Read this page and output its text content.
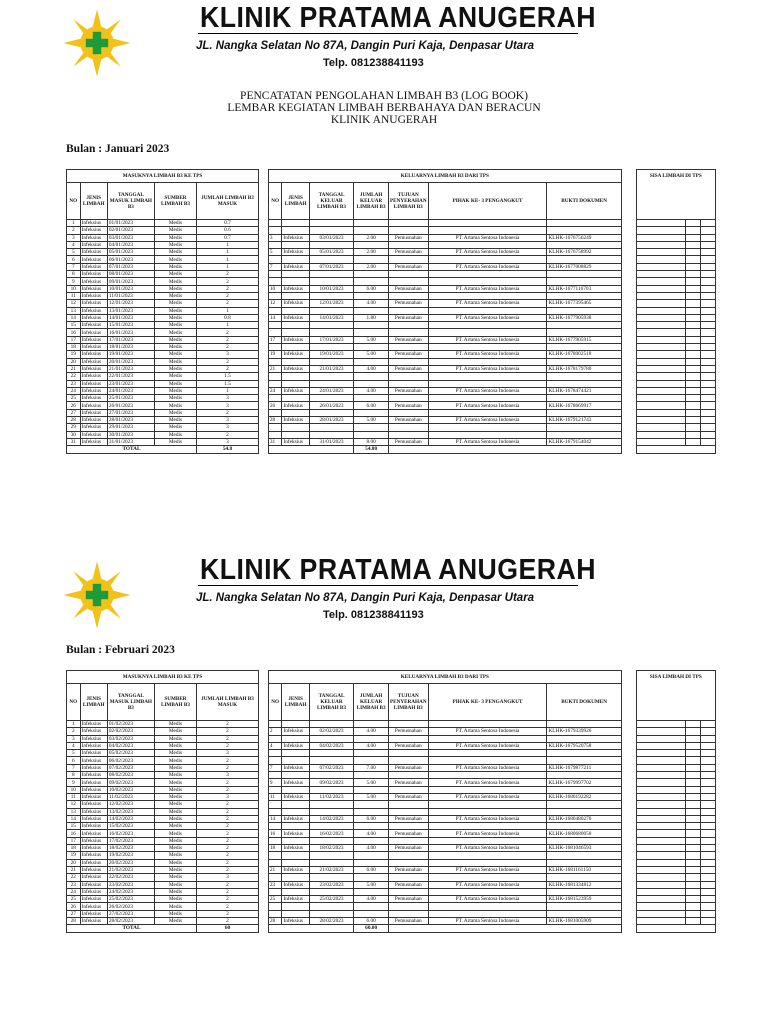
KLINIK PRATAMA ANUGERAH
JL. Nangka Selatan No 87A, Dangin Puri Kaja, Denpasar Utara
Telp. 081238841193
PENCATATAN PENGOLAHAN LIMBAH B3 (LOG BOOK)
LEMBAR KEGIATAN LIMBAH BERBAHAYA DAN BERACUN
KLINIK ANUGERAH
Bulan : Januari 2023
MASUKNYA LIMBAH B3 KE TPS						KELUARNYA LIMBAH B3 DARI TPS								SISA LIMBAH DI TPS		
NO	JENIS LIMBAH	TANGGAL MASUK LIMBAH B3	SUMBER LIMBAH B3	JUMLAH LIMBAH B3 MASUK		NO	JENIS LIMBAH	TANGGAL KELUAR LIMBAH B3	JUMLAH KELUAR LIMBAH B3	TUJUAN PENYERAHAN LIMBAH B3	PIHAK KE- 3 PENGANGKUT	BUKTI DOKUMEN				
1	Infeksius	01/01/2023	Medis	0.7												
2	Infeksius	02/01/2023	Medis	0.6												
3	Infeksius	03/01/2023	Medis	0.7		3	Infeksius	03/01/2023	2.00	Pemusnahan	PT. Artama Sentosa Indonesia	KLHK-1676756249				
4	Infeksius	04/01/2023	Medis	1												
5	Infeksius	05/01/2023	Medis	1		5	Infeksius	05/01/2023	2.00	Pemusnahan	PT. Artama Sentosa Indonesia	KLHK-1676758992				
6	Infeksius	06/01/2023	Medis	1												
7	Infeksius	07/01/2023	Medis	1		7	Infeksius	07/01/2023	2.00	Pemusnahan	PT. Artama Sentosa Indonesia	KLHK-1677008829				
8	Infeksius	08/01/2023	Medis	2												
9	Infeksius	09/01/2023	Medis	2												
10	Infeksius	10/01/2023	Medis	2		10	Infeksius	10/01/2023	6.00	Pemusnahan	PT. Artama Sentosa Indonesia	KLHK-1677116703				
11	Infeksius	11/01/2023	Medis	2												
12	Infeksius	12/01/2023	Medis	2		12	Infeksius	12/01/2023	4.00	Pemusnahan	PT. Artama Sentosa Indonesia	KLHK-1677395465				
13	Infeksius	13/01/2023	Medis	1												
14	Infeksius	14/01/2023	Medis	0.8		14	Infeksius	14/01/2023	1.80	Pemusnahan	PT. Artama Sentosa Indonesia	KLHK-1677905938				
15	Infeksius	15/01/2023	Medis	1												
16	Infeksius	16/01/2023	Medis	2												
17	Infeksius	17/01/2023	Medis	2		17	Infeksius	17/01/2023	5.00	Pemusnahan	PT. Artama Sentosa Indonesia	KLHK-1677905915				
18	Infeksius	18/01/2023	Medis	2												
19	Infeksius	19/01/2023	Medis	3		19	Infeksius	19/01/2023	5.00	Pemusnahan	PT. Artama Sentosa Indonesia	KLHK-1678002518				
20	Infeksius	20/01/2023	Medis	2												
21	Infeksius	21/01/2023	Medis	2		21	Infeksius	21/01/2023	4.00	Pemusnahan	PT. Artama Sentosa Indonesia	KLHK-1678179780				
22	Infeksius	22/01/2023	Medis	1.5												
23	Infeksius	23/01/2023	Medis	1.5												
24	Infeksius	24/01/2023	Medis	1		24	Infeksius	24/01/2023	4.00	Pemusnahan	PT. Artama Sentosa Indonesia	KLHK-1678474421				
25	Infeksius	25/01/2023	Medis	3												
26	Infeksius	26/01/2023	Medis	3		26	Infeksius	26/01/2023	6.00	Pemusnahan	PT. Artama Sentosa Indonesia	KLHK-1678669917				
27	Infeksius	27/01/2023	Medis	2												
28	Infeksius	28/01/2023	Medis	3		28	Infeksius	28/01/2023	5.00	Pemusnahan	PT. Artama Sentosa Indonesia	KLHK-1679121743				
29	Infeksius	29/01/2023	Medis	3												
30	Infeksius	30/01/2023	Medis	2												
31	Infeksius	31/01/2023	Medis	3		31	Infeksius	31/01/2023	8.00	Pemusnahan	PT. Artama Sentosa Indonesia	KLHK-1679154042				
TOTAL				54.8					54.80							
KLINIK PRATAMA ANUGERAH
JL. Nangka Selatan No 87A, Dangin Puri Kaja, Denpasar Utara
Telp. 081238841193
Bulan : Februari 2023
MASUKNYA LIMBAH B3 KE TPS						KELUARNYA LIMBAH B3 DARI TPS								SISA LIMBAH DI TPS		
NO	JENIS LIMBAH	TANGGAL MASUK LIMBAH B3	SUMBER LIMBAH B3	JUMLAH LIMBAH B3 MASUK		NO	JENIS LIMBAH	TANGGAL KELUAR LIMBAH B3	JUMLAH KELUAR LIMBAH B3	TUJUAN PENYERAHAN LIMBAH B3	PIHAK KE- 3 PENGANGKUT	BUKTI DOKUMEN				
1	Infeksius	01/02/2023	Medis	2												
2	Infeksius	02/02/2023	Medis	2		2	Infeksius	02/02/2023	4.00	Pemusnahan	PT. Artama Sentosa Indonesia	KLHK-1679339926				
3	Infeksius	03/02/2023	Medis	2												
4	Infeksius	04/02/2023	Medis	2		4	Infeksius	04/02/2023	4.00	Pemusnahan	PT. Artama Sentosa Indonesia	KLHK-1679520758				
5	Infeksius	05/02/2023	Medis	3												
6	Infeksius	06/02/2023	Medis	2												
7	Infeksius	07/02/2023	Medis	2		7	Infeksius	07/02/2023	7.00	Pemusnahan	PT. Artama Sentosa Indonesia	KLHK-1679877211				
8	Infeksius	08/02/2023	Medis	3												
9	Infeksius	09/02/2023	Medis	2		9	Infeksius	09/02/2023	5.00	Pemusnahan	PT. Artama Sentosa Indonesia	KLHK-1679997702				
10	Infeksius	10/02/2023	Medis	2												
11	Infeksius	11/02/2023	Medis	3		11	Infeksius	11/02/2023	5.00	Pemusnahan	PT. Artama Sentosa Indonesia	KLHK-1680192282				
12	Infeksius	12/02/2023	Medis	2												
13	Infeksius	13/02/2023	Medis	2												
14	Infeksius	14/02/2023	Medis	2		14	Infeksius	14/02/2023	6.00	Pemusnahan	PT. Artama Sentosa Indonesia	KLHK-1680480270				
15	Infeksius	15/02/2023	Medis	2												
16	Infeksius	16/02/2023	Medis	2		16	Infeksius	16/02/2023	4.00	Pemusnahan	PT. Artama Sentosa Indonesia	KLHK-1680680050				
17	Infeksius	17/02/2023	Medis	2												
18	Infeksius	18/02/2023	Medis	2		18	Infeksius	18/02/2023	4.00	Pemusnahan	PT. Artama Sentosa Indonesia	KLHK-1681046593				
19	Infeksius	19/02/2023	Medis	2												
20	Infeksius	20/02/2023	Medis	2												
21	Infeksius	21/02/2023	Medis	2		21	Infeksius	21/02/2023	6.00	Pemusnahan	PT. Artama Sentosa Indonesia	KLHK-1681161150				
22	Infeksius	22/02/2023	Medis	3												
23	Infeksius	23/02/2023	Medis	2		23	Infeksius	23/02/2023	5.00	Pemusnahan	PT. Artama Sentosa Indonesia	KLHK-1681334812				
24	Infeksius	24/02/2023	Medis	2												
25	Infeksius	25/02/2023	Medis	2		25	Infeksius	25/02/2023	4.00	Pemusnahan	PT. Artama Sentosa Indonesia	KLHK-1681523959				
26	Infeksius	26/02/2023	Medis	2												
27	Infeksius	27/02/2023	Medis	2												
28	Infeksius	28/02/2023	Medis	2		28	Infeksius	28/02/2023	6.00	Pemusnahan	PT. Artama Sentosa Indonesia	KLHK-1681005909				
TOTAL				60					60.00							
